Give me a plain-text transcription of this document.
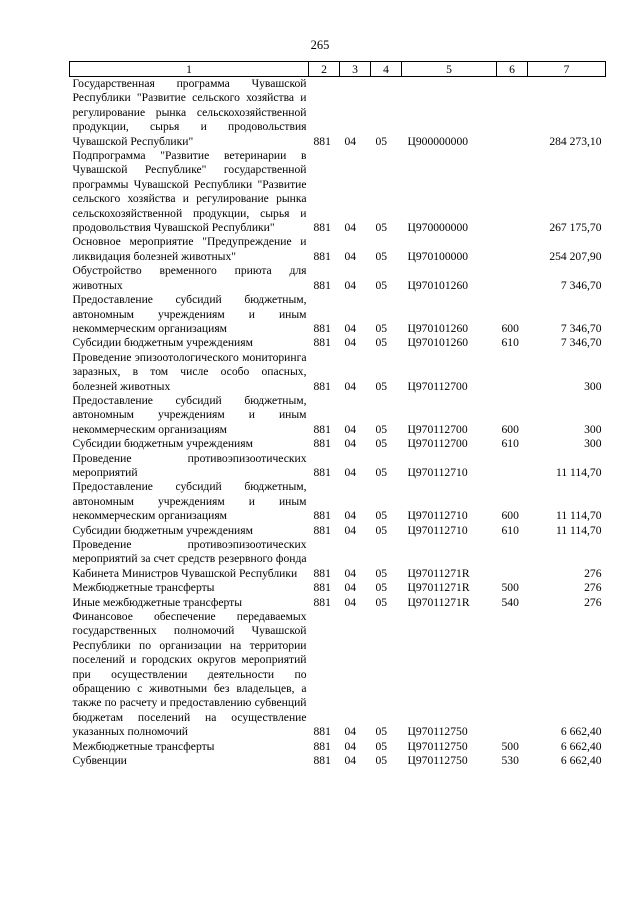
265
1	2	3	4	5	6	7
Государственная программа Чувашской Республики "Развитие сельского хозяйства и регулирование рынка сельскохозяйственной продукции, сырья и продовольствия Чувашской Республики"	881	04	05	Ц900000000		284 273,10
Подпрограмма "Развитие ветеринарии в Чувашской Республике" государственной программы Чувашской Республики "Развитие сельского хозяйства и регулирование рынка сельскохозяйственной продукции, сырья и продовольствия Чувашской Республики"	881	04	05	Ц970000000		267 175,70
Основное мероприятие "Предупреждение и ликвидация болезней животных"	881	04	05	Ц970100000		254 207,90
Обустройство временного приюта для животных	881	04	05	Ц970101260		7 346,70
Предоставление субсидий бюджетным, автономным учреждениям и иным некоммерческим организациям	881	04	05	Ц970101260	600	7 346,70
Субсидии бюджетным учреждениям	881	04	05	Ц970101260	610	7 346,70
Проведение эпизоотологического мониторинга заразных, в том числе особо опасных, болезней животных	881	04	05	Ц970112700		300
Предоставление субсидий бюджетным, автономным учреждениям и иным некоммерческим организациям	881	04	05	Ц970112700	600	300
Субсидии бюджетным учреждениям	881	04	05	Ц970112700	610	300
Проведение противоэпизоотических мероприятий	881	04	05	Ц970112710		11 114,70
Предоставление субсидий бюджетным, автономным учреждениям и иным некоммерческим организациям	881	04	05	Ц970112710	600	11 114,70
Субсидии бюджетным учреждениям	881	04	05	Ц970112710	610	11 114,70
Проведение противоэпизоотических мероприятий за счет средств резервного фонда Кабинета Министров Чувашской Республики	881	04	05	Ц97011271R		276
Межбюджетные трансферты	881	04	05	Ц97011271R	500	276
Иные межбюджетные трансферты	881	04	05	Ц97011271R	540	276
Финансовое обеспечение передаваемых государственных полномочий Чувашской Республики по организации на территории поселений и городских округов мероприятий при осуществлении деятельности по обращению с животными без владельцев, а также по расчету и предоставлению субвенций бюджетам поселений на осуществление указанных полномочий	881	04	05	Ц970112750		6 662,40
Межбюджетные трансферты	881	04	05	Ц970112750	500	6 662,40
Субвенции	881	04	05	Ц970112750	530	6 662,40
